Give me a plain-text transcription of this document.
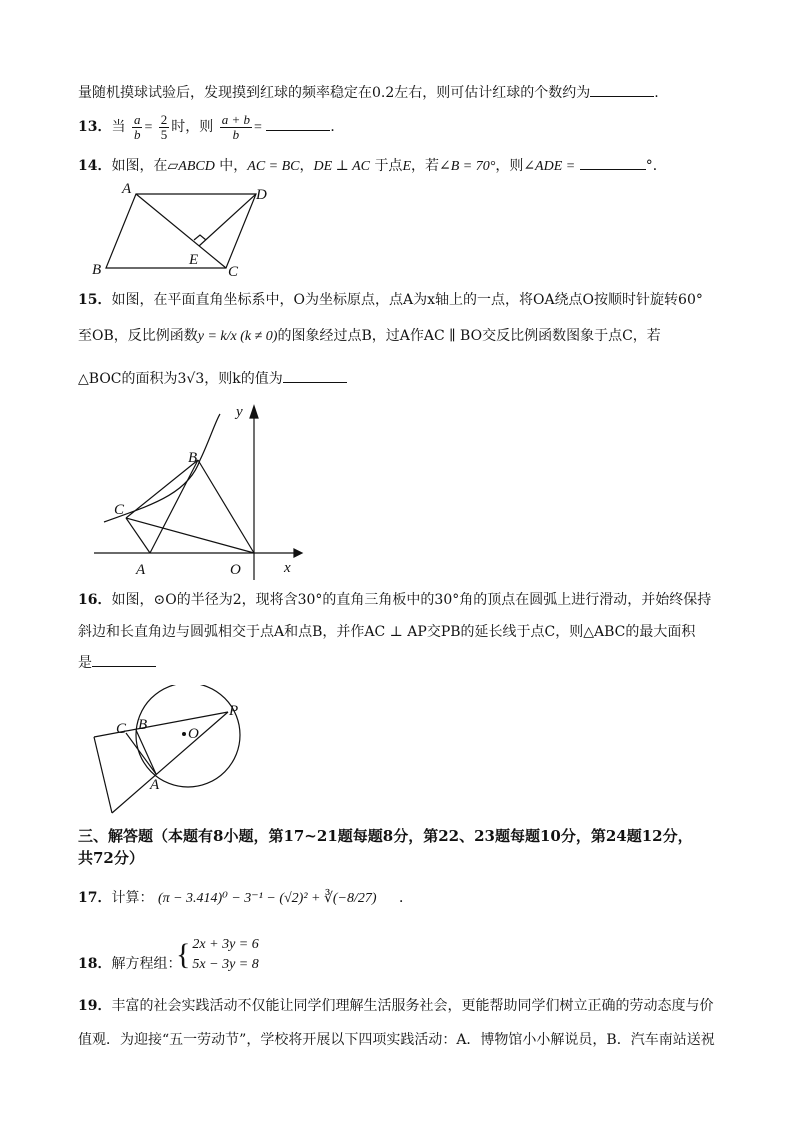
量随机摸球试验后，发现摸到红球的频率稳定在0.2左右，则可估计红球的个数约为	.
13．当 $\frac{a}{b} = \frac{2}{5}$ 时，则 $\frac{a + b}{b}$ =	．
14．如图，在▱ABCD 中，AC = BC，DE ⊥ AC 于点E，若∠B = 70°，则∠ADE =	°．
A	D
B	C
E
15．如图，在平面直角坐标系中，O为坐标原点，点A为x轴上的一点，将OA绕点O按顺时针旋转60°
至OB，反比例函数y = k/x (k ≠ 0)的图象经过点B，过A作AC ∥ BO交反比例函数图象于点C，若
△BOC的面积为3√3，则k的值为
y
x
B
C
A	O
16．如图，⊙O的半径为2，现将含30°的直角三角板中的30°角的顶点在圆弧上进行滑动，并始终保持
斜边和长直角边与圆弧相交于点A和点B，并作AC ⊥ AP交PB的延长线于点C，则△ABC的最大面积
是
C B
O
P
A
三、解答题（本题有8小题，第17~21题每题8分，第22、23题每题10分，第24题12分，
共72分）
17．计算： (π − 3.414)⁰ − 3⁻¹ − (√2)² + ∛(−8/27) ．
18．解方程组：
{ 2x + 3y = 6
5x − 3y = 8
19．丰富的社会实践活动不仅能让同学们理解生活服务社会，更能帮助同学们树立正确的劳动态度与价
值观．为迎接“五一劳动节”，学校将开展以下四项实践活动：A．博物馆小小解说员，B．汽车南站送祝
